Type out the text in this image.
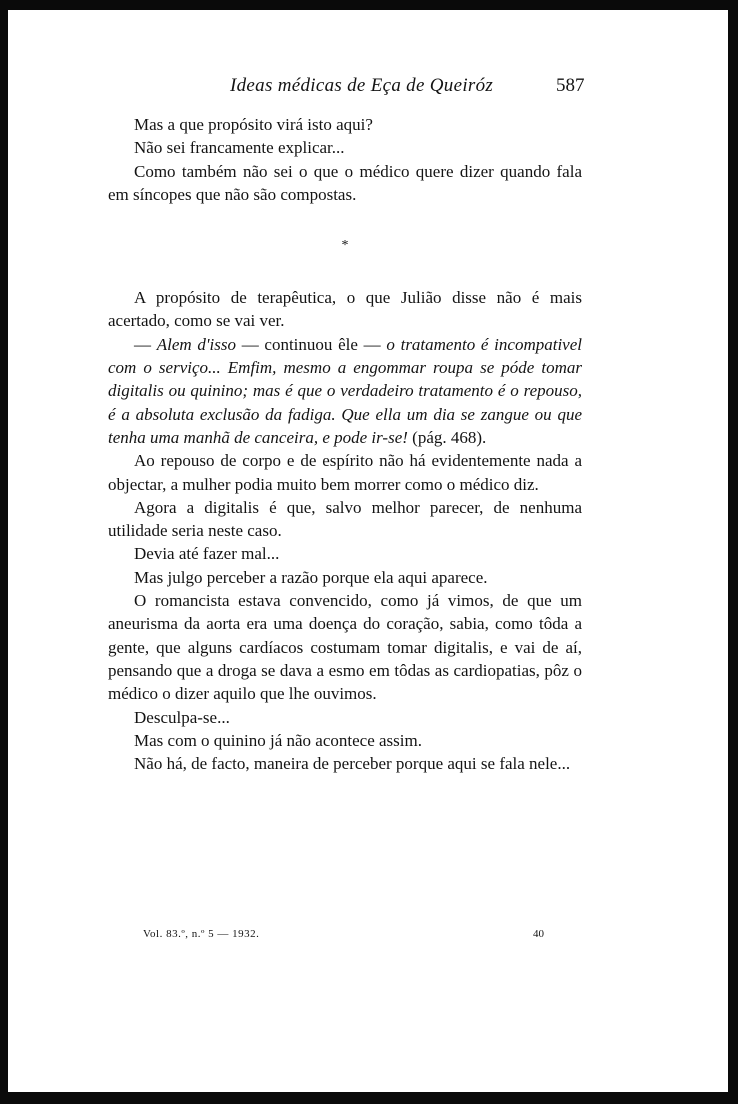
Ideas médicas de Eça de Queiróz	587

Mas a que propósito virá isto aqui?

Não sei francamente explicar...

Como também não sei o que o médico quere dizer quando fala em síncopes que não são compostas.

*

A propósito de terapêutica, o que Julião disse não é mais acertado, como se vai ver.

— Alem d'isso — continuou êle — o tratamento é incompativel com o serviço... Emfim, mesmo a engommar roupa se póde tomar digitalis ou quinino; mas é que o verdadeiro tratamento é o repouso, é a absoluta exclusão da fadiga. Que ella um dia se zangue ou que tenha uma manhã de canceira, e pode ir-se! (pág. 468).

Ao repouso de corpo e de espírito não há evidentemente nada a objectar, a mulher podia muito bem morrer como o médico diz.

Agora a digitalis é que, salvo melhor parecer, de nenhuma utilidade seria neste caso.

Devia até fazer mal...

Mas julgo perceber a razão porque ela aqui aparece.

O romancista estava convencido, como já vimos, de que um aneurisma da aorta era uma doença do coração, sabia, como tôda a gente, que alguns cardíacos costumam tomar digitalis, e vai de aí, pensando que a droga se dava a esmo em tôdas as cardiopatias, pôz o médico o dizer aquilo que lhe ouvimos.

Desculpa-se...

Mas com o quinino já não acontece assim.

Não há, de facto, maneira de perceber porque aqui se fala nele...

Vol. 83.º, n.º 5 — 1932.	40
